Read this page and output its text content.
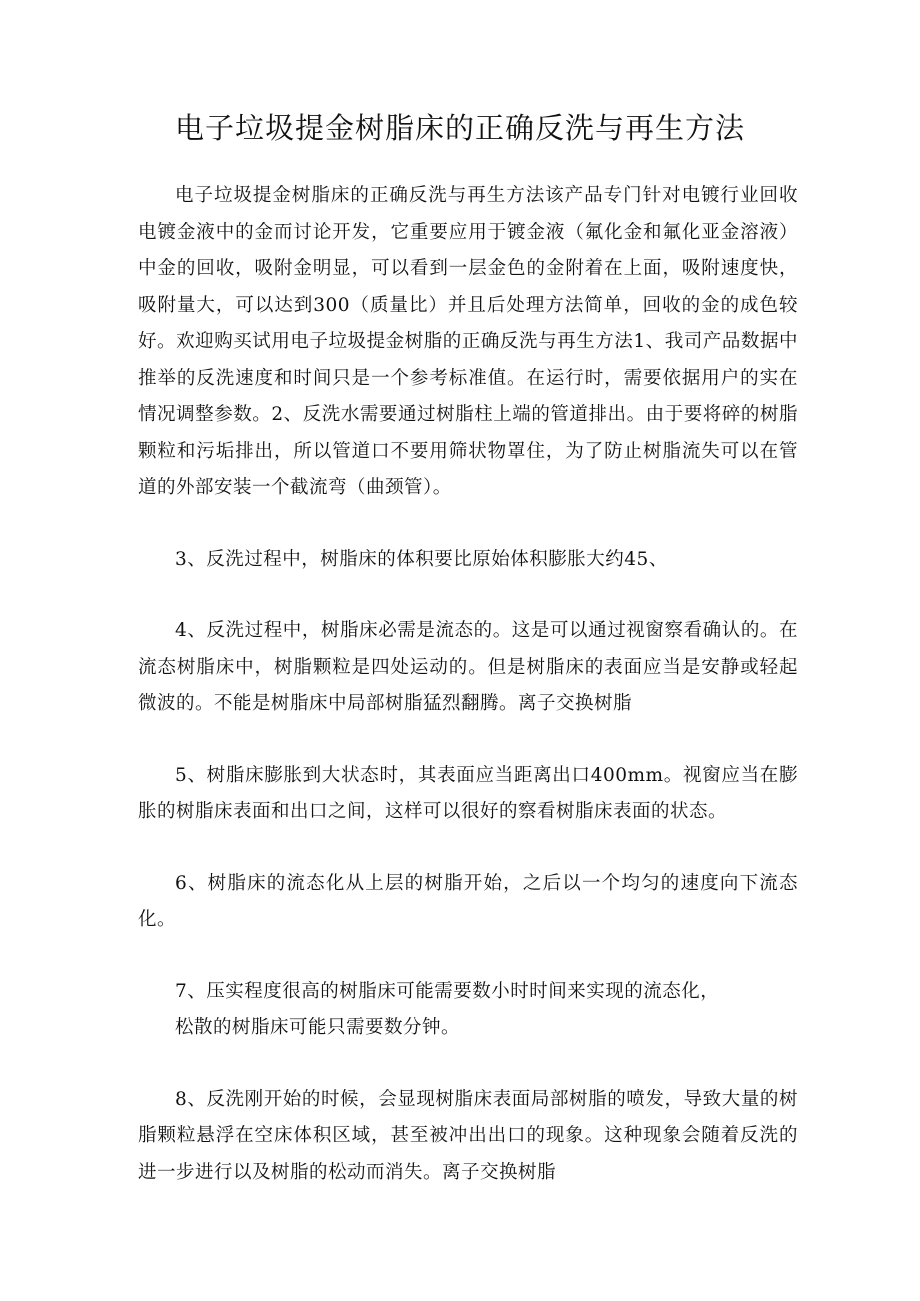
电子垃圾提金树脂床的正确反洗与再生方法

电子垃圾提金树脂床的正确反洗与再生方法该产品专门针对电镀行业回收电镀金液中的金而讨论开发，它重要应用于镀金液（氟化金和氟化亚金溶液）中金的回收，吸附金明显，可以看到一层金色的金附着在上面，吸附速度快，吸附量大，可以达到300（质量比）并且后处理方法简单，回收的金的成色较好。欢迎购买试用电子垃圾提金树脂的正确反洗与再生方法1、我司产品数据中推举的反洗速度和时间只是一个参考标准值。在运行时，需要依据用户的实在情况调整参数。2、反洗水需要通过树脂柱上端的管道排出。由于要将碎的树脂颗粒和污垢排出，所以管道口不要用筛状物罩住，为了防止树脂流失可以在管道的外部安装一个截流弯（曲颈管）。

3、反洗过程中，树脂床的体积要比原始体积膨胀大约45、

4、反洗过程中，树脂床必需是流态的。这是可以通过视窗察看确认的。在流态树脂床中，树脂颗粒是四处运动的。但是树脂床的表面应当是安静或轻起微波的。不能是树脂床中局部树脂猛烈翻腾。离子交换树脂

5、树脂床膨胀到大状态时，其表面应当距离出口400mm。视窗应当在膨胀的树脂床表面和出口之间，这样可以很好的察看树脂床表面的状态。

6、树脂床的流态化从上层的树脂开始，之后以一个均匀的速度向下流态化。

7、压实程度很高的树脂床可能需要数小时时间来实现的流态化，
松散的树脂床可能只需要数分钟。

8、反洗刚开始的时候，会显现树脂床表面局部树脂的喷发，导致大量的树脂颗粒悬浮在空床体积区域，甚至被冲出出口的现象。这种现象会随着反洗的进一步进行以及树脂的松动而消失。离子交换树脂
